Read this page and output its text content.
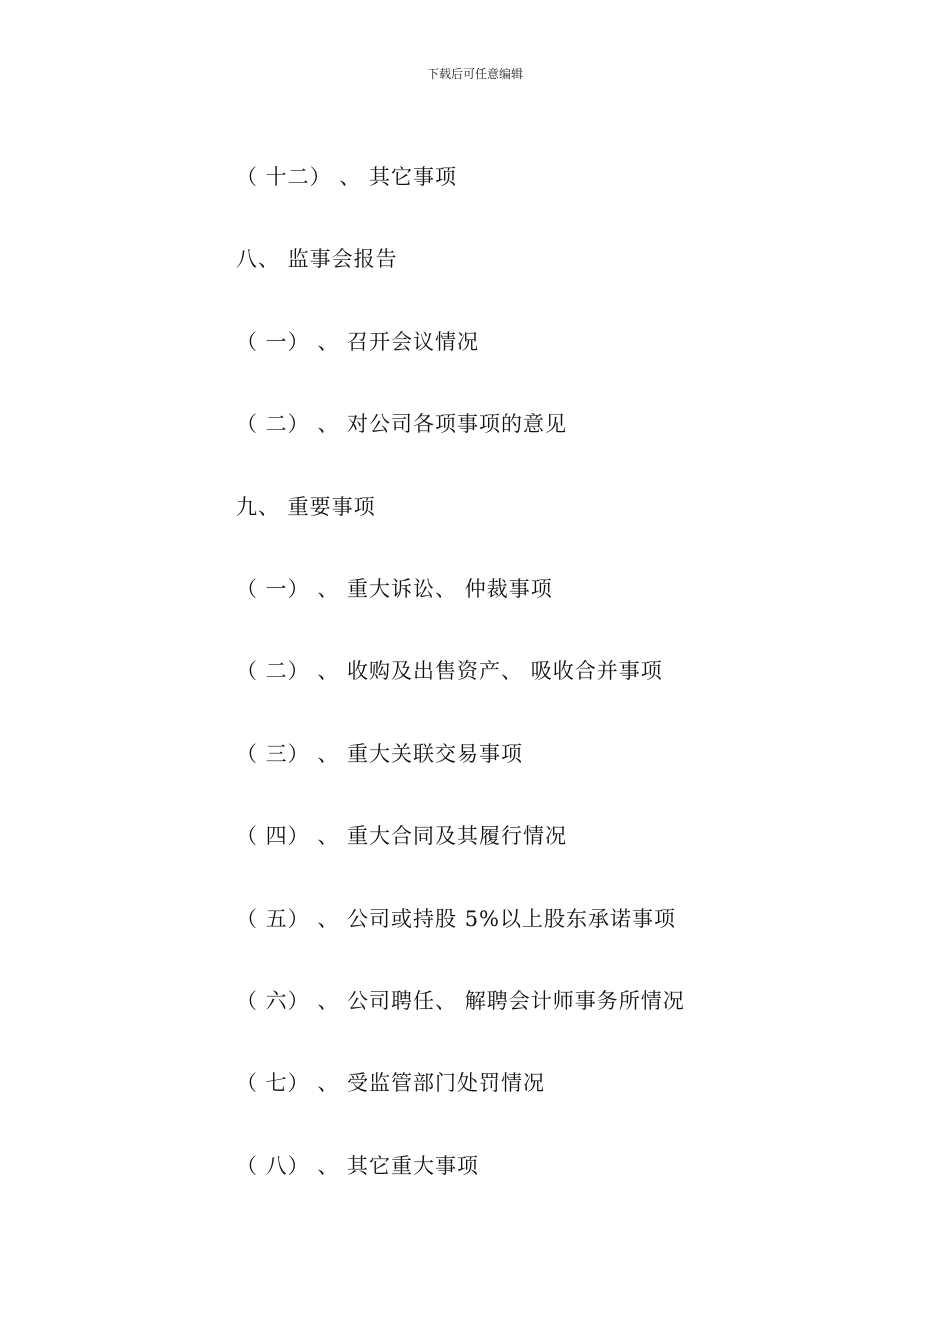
下载后可任意编辑
（ 十二） 、 其它事项
八、 监事会报告
（ 一） 、 召开会议情况
（ 二） 、 对公司各项事项的意见
九、 重要事项
（ 一） 、 重大诉讼、 仲裁事项
（ 二） 、 收购及出售资产、 吸收合并事项
（ 三） 、 重大关联交易事项
（ 四） 、 重大合同及其履行情况
（ 五） 、 公司或持股 5%以上股东承诺事项
（ 六） 、 公司聘任、 解聘会计师事务所情况
（ 七） 、 受监管部门处罚情况
（ 八） 、 其它重大事项
